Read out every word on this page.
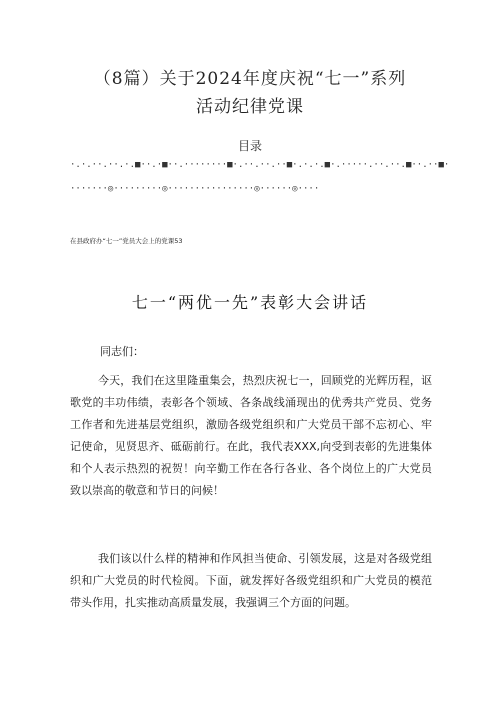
（8篇）关于2024年度庆祝“七一”系列
活动纪律党课
目录
·.·.··.··.·.■··.·■··.········■·.··.··.··■·.·.·.■·.·····.··.··.■··.··■·
·······◎·········◎················◎······◎····
在县政府办“七一”党员大会上的党课53
七一“两优一先”表彰大会讲话
同志们：

今天，我们在这里隆重集会，热烈庆祝七一，回顾党的光辉历程，讴歌党的丰功伟绩，表彰各个领域、各条战线涌现出的优秀共产党员、党务工作者和先进基层党组织，激励各级党组织和广大党员干部不忘初心、牢记使命，见贤思齐、砥砺前行。在此，我代表XXX,向受到表彰的先进集体和个人表示热烈的祝贺！向辛勤工作在各行各业、各个岗位上的广大党员致以崇高的敬意和节日的问候！

我们该以什么样的精神和作风担当使命、引领发展，这是对各级党组织和广大党员的时代检阅。下面，就发挥好各级党组织和广大党员的模范带头作用，扎实推动高质量发展，我强调三个方面的问题。
